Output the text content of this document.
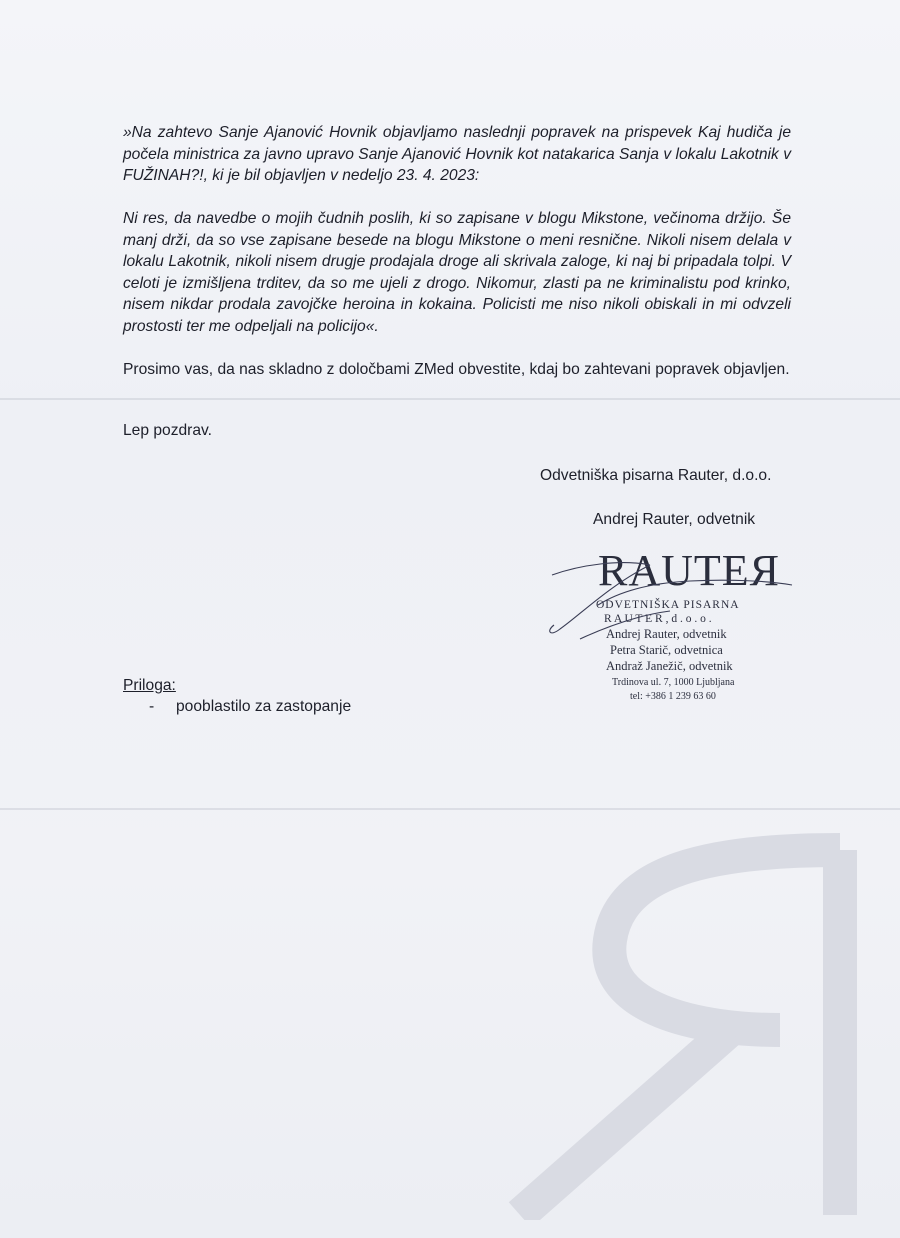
»Na zahtevo Sanje Ajanović Hovnik objavljamo naslednji popravek na prispevek Kaj hudiča je počela ministrica za javno upravo Sanje Ajanović Hovnik kot natakarica Sanja v lokalu Lakotnik v FUŽINAH?!, ki je bil objavljen v nedeljo 23. 4. 2023:

Ni res, da navedbe o mojih čudnih poslih, ki so zapisane v blogu Mikstone, večinoma držijo. Še manj drži, da so vse zapisane besede na blogu Mikstone o meni resnične. Nikoli nisem delala v lokalu Lakotnik, nikoli nisem drugje prodajala droge ali skrivala zaloge, ki naj bi pripadala tolpi. V celoti je izmišljena trditev, da so me ujeli z drogo. Nikomur, zlasti pa ne kriminalistu pod krinko, nisem nikdar prodala zavojčke heroina in kokaina. Policisti me niso nikoli obiskali in mi odvzeli prostosti ter me odpeljali na policijo«.

Prosimo vas, da nas skladno z določbami ZMed obvestite, kdaj bo zahtevani popravek objavljen.

Lep pozdrav.

Odvetniška pisarna Rauter, d.o.o.
Andrej Rauter, odvetnik
RAUTEЯ
ODVETNIŠKA PISARNA
R A U T E R , d . o . o .
Andrej Rauter, odvetnik
Petra Starič, odvetnica
Andraž Janežič, odvetnik
Trdinova ul. 7, 1000 Ljubljana
tel: +386 1 239 63 60
Priloga:
- pooblastilo za zastopanje
